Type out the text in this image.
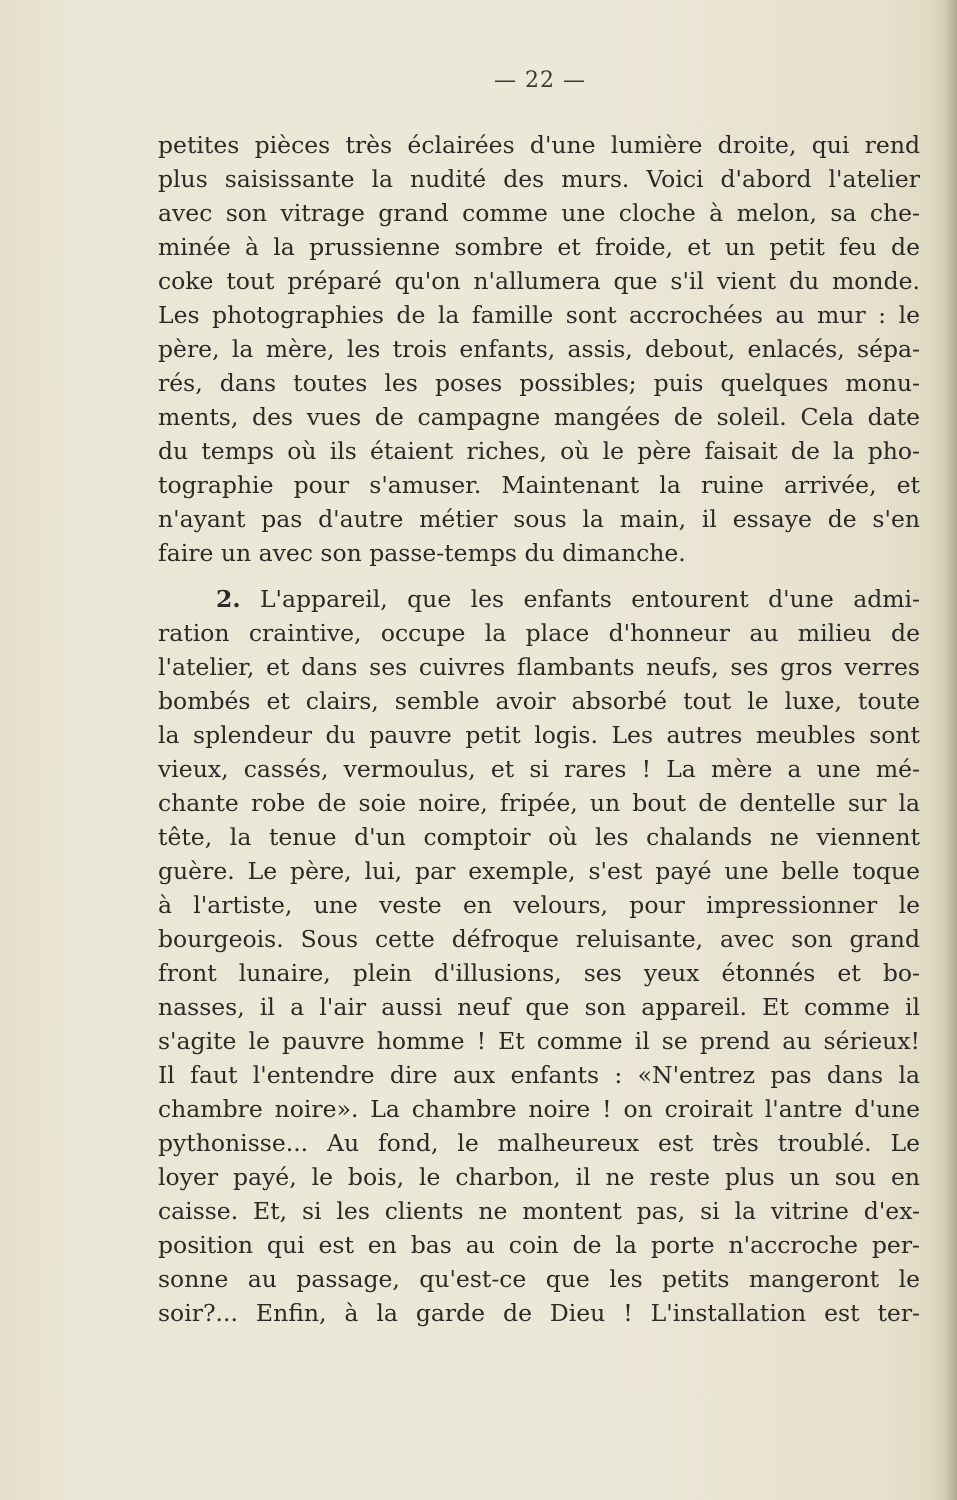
— 22 —
petites pièces très éclairées d'une lumière droite, qui rend
plus saisissante la nudité des murs. Voici d'abord l'atelier
avec son vitrage grand comme une cloche à melon, sa che-
minée à la prussienne sombre et froide, et un petit feu de
coke tout préparé qu'on n'allumera que s'il vient du monde.
Les photographies de la famille sont accrochées au mur : le
père, la mère, les trois enfants, assis, debout, enlacés, sépa-
rés, dans toutes les poses possibles; puis quelques monu-
ments, des vues de campagne mangées de soleil. Cela date
du temps où ils étaient riches, où le père faisait de la pho-
tographie pour s'amuser. Maintenant la ruine arrivée, et
n'ayant pas d'autre métier sous la main, il essaye de s'en
faire un avec son passe-temps du dimanche.
2. L'appareil, que les enfants entourent d'une admi-
ration craintive, occupe la place d'honneur au milieu de
l'atelier, et dans ses cuivres flambants neufs, ses gros verres
bombés et clairs, semble avoir absorbé tout le luxe, toute
la splendeur du pauvre petit logis. Les autres meubles sont
vieux, cassés, vermoulus, et si rares ! La mère a une mé-
chante robe de soie noire, fripée, un bout de dentelle sur la
tête, la tenue d'un comptoir où les chalands ne viennent
guère. Le père, lui, par exemple, s'est payé une belle toque
à l'artiste, une veste en velours, pour impressionner le
bourgeois. Sous cette défroque reluisante, avec son grand
front lunaire, plein d'illusions, ses yeux étonnés et bo-
nasses, il a l'air aussi neuf que son appareil. Et comme il
s'agite le pauvre homme ! Et comme il se prend au sérieux!
Il faut l'entendre dire aux enfants : «N'entrez pas dans la
chambre noire». La chambre noire ! on croirait l'antre d'une
pythonisse... Au fond, le malheureux est très troublé. Le
loyer payé, le bois, le charbon, il ne reste plus un sou en
caisse. Et, si les clients ne montent pas, si la vitrine d'ex-
position qui est en bas au coin de la porte n'accroche per-
sonne au passage, qu'est-ce que les petits mangeront le
soir?... Enfin, à la garde de Dieu ! L'installation est ter-
